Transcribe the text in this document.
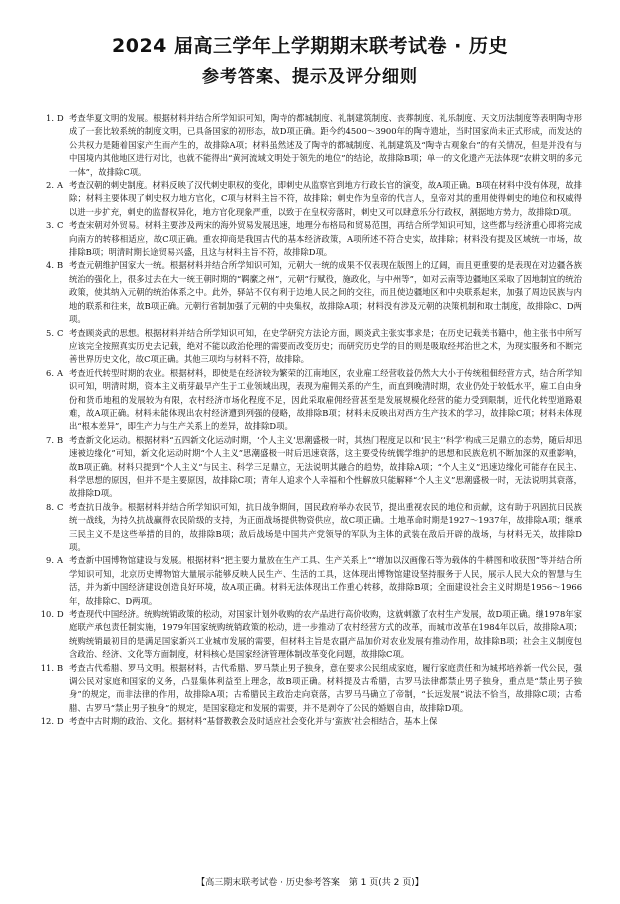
2024 届高三学年上学期期末联考试卷 · 历史
参考答案、提示及评分细则
1. D 考查华夏文明的发展。根据材料并结合所学知识可知，陶寺的都城制度、礼制建筑制度、丧葬制度、礼乐制度、天文历法制度等表明陶寺形成了一套比较系统的制度文明，已具备国家的初形态，故D项正确。距今约4500～3900年的陶寺遗址，当时国家尚未正式形成，而发达的公共权力是随着国家产生而产生的，故排除A项；材料虽然述及了陶寺的都城制度、礼制建筑及“陶寺古观象台”的有关情况，但是并没有与中国境内其他地区进行对比，也就不能得出“黄河流域文明处于领先的地位”的结论，故排除B项；单一的文化遗产无法体现“农耕文明的多元一体”，故排除C项。
2. A 考查汉朝的刺史制度。材料反映了汉代刺史职权的变化，即刺史从监察官到地方行政长官的演变，故A项正确。B项在材料中没有体现，故排除；材料主要体现了刺史权力地方官化，C项与材料主旨不符，故排除；刺史作为皇帝的代言人，皇帝对其的重用使得刺史的地位和权威得以进一步扩充，刺史的监督权异化，地方官化现象严重，以致于在皇权旁落时，刺史又可以肆意乐分行政权，割据地方势力，故排除D项。
3. C 考查宋朝对外贸易。材料主要涉及两宋的海外贸易发展迅速，地理分布格局和贸易范围，再结合所学知识可知，这些都与经济重心即将完成向南方的转移相适应，故C项正确。重农抑商是我国古代的基本经济政策，A项所述不符合史实，故排除；材料没有提及区域统一市场，故排除B项；明清时期长途贸易兴盛，且这与材料主旨不符，故排除D项。
4. B 考查元朝维护国家大一统。根据材料并结合所学知识可知，元朝大一统的成果不仅表现在版图上的辽阔，而且更重要的是表现在对边疆各族统治的强化上，很多过去在大一统王朝时期的“羁縻之州”，元朝“行赋役，施政化，与中州等”，如对云南等边疆地区采取了因地制宜的统治政策，使其纳入元朝的统治体系之中。此外，驿站不仅有利于边地人民之间的交往，而且使边疆地区和中央联系起来，加强了周边民族与内地的联系和往来，故B项正确。元朝行省制加强了元朝的中央集权，故排除A项；材料没有涉及元朝的决策机制和取士制度，故排除C、D两项。
5. C 考查顾炎武的思想。根据材料并结合所学知识可知，在史学研究方法论方面，顾炎武主张实事求是；在历史记载美书籍中，他主张书中所写应该完全按照真实历史去记载，绝对不能以政治伦理的需要而改变历史；而研究历史学的目的则是吸取经邦治世之术，为现实服务和不断完善世界历史文化，故C项正确。其他三项均与材料不符，故排除。
6. A 考查近代转型时期的农业。根据材料，即使是在经济较为繁荣的江南地区，农业雇工经营收益仍然大大小于传统租佃经营方式，结合所学知识可知，明清时期，资本主义萌芽最早产生于工业领域出现，表现为雇佣关系的产生，而直到晚清时期，农业仍处于较低水平，雇工自由身份和货币地租的发展较为有限，农村经济市场化程度不足，因此采取雇佣经营甚至是发展规模化经营的能力受到限制，近代化转型道路艰难，故A项正确。材料未能体现出农村经济遭到列强的侵略，故排除B项；材料未反映出对西方生产技术的学习，故排除C项；材料未体现出“根本差异”，即生产力与生产关系上的差异，故排除D项。
7. B 考查新文化运动。根据材料“五四新文化运动时期，‘个人主义’思潮盛极一时，其热门程度足以和‘民主’‘科学’构成三足鼎立的态势，随后却迅速被边缘化”可知，新文化运动时期“个人主义”思潮盛极一时后迅速衰落，这主要受传统儒学维护的思想和民族危机不断加深的双重影响，故B项正确。材料只提到“个人主义”与民主、科学三足鼎立，无法说明其融合的趋势，故排除A项；“个人主义”迅速边缘化可能存在民主、科学思想的原因，但并不是主要原因，故排除C项；青年人追求个人幸福和个性解放只能解释“个人主义”思潮盛极一时，无法说明其衰落，故排除D项。
8. C 考查抗日战争。根据材料并结合所学知识可知，抗日战争期间，国民政府举办农民节，提出重视农民的地位和贡献，这有助于巩固抗日民族统一战线，为持久抗战赢得农民阶级的支持，为正面战场提供物资供应，故C项正确。土地革命时期是1927～1937年，故排除A项；继承三民主义不是这些举措的目的，故排除B项；敌后战场是中国共产党领导的军队为主体的武装在敌后开辟的战场，与材料无关，故排除D项。
9. A 考查新中国博物馆建设与发展。根据材料“把主要力量放在生产工具、生产关系上”“增加以汉画像石等为载体的牛耕图和收获图”等并结合所学知识可知，北京历史博物馆大量展示能够反映人民生产、生活的工具，这体现出博物馆建设坚持服务于人民，展示人民大众的智慧与生活，并为新中国经济建设创造良好环境，故A项正确。材料无法体现出工作重心转移，故排除B项；全面建设社会主义时期是1956～1966年，故排除C、D两项。
10. D 考查现代中国经济。统购统销政策的松动，对国家计划外收购的农产品进行高价收购，这就刺激了农村生产发展，故D项正确。继1978年家庭联产承包责任制实施，1979年国家统购统销政策的松动，进一步推动了农村经营方式的改革，而城市改革在1984年以后，故排除A项；统购统销最初目的是满足国家新兴工业城市发展的需要，但材料主旨是农副产品加价对农业发展有推动作用，故排除B项；社会主义制度包含政治、经济、文化等方面制度，材料核心是国家经济管理体制改革变化问题，故排除C项。
11. B 考查古代希腊、罗马文明。根据材料，古代希腊、罗马禁止男子独身，意在要求公民组成家庭，履行家庭责任和为城邦培养新一代公民，强调公民对家庭和国家的义务，凸显集体利益至上理念，故B项正确。材料提及古希腊，古罗马法律都禁止男子独身，重点是“禁止男子独身”的规定，而非法律的作用，故排除A项；古希腊民主政治走向衰落，古罗马马确立了帝制，“长远发展”说法不恰当，故排除C项；古希腊、古罗马“禁止男子独身”的规定，是国家稳定和发展的需要，并不是剥夺了公民的婚姻自由，故排除D项。
12. D 考查中古时期的政治、文化。据材料“基督教教会及时适应社会变化并与‘蛮族’社会相结合，基本上保
【高三期末联考试卷 · 历史参考答案　第 1 页(共 2 页)】
